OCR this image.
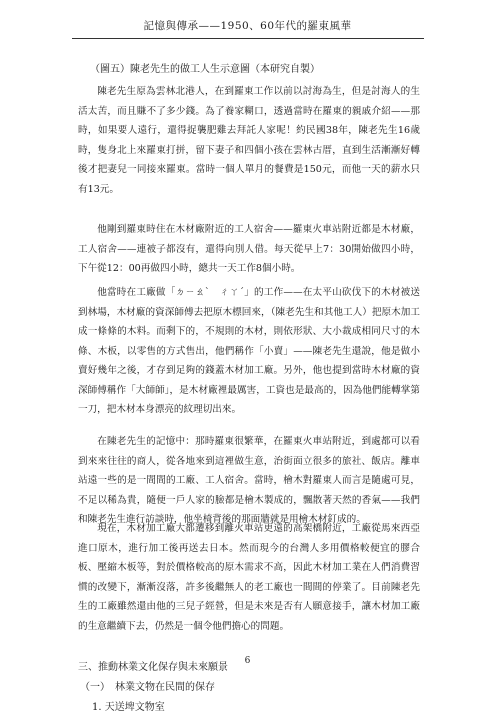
記憶與傳承——1950、60年代的羅東風華
（圖五）陳老先生的做工人生示意圖（本研究自製）

陳老先生原為雲林北港人，在到羅東工作以前以討海為生，但是討海人的生活太苦，而且賺不了多少錢。為了養家糊口，透過當時在羅東的親戚介紹——那時，如果要人遠行，還得捉襲肥雞去拜託人家呢！約民國38年，陳老先生16歲時，隻身北上來羅東打拼，留下妻子和四個小孩在雲林古厝，直到生活漸漸好轉後才把妻兒一同接來羅東。當時一個人單月的餐費是150元，而他一天的薪水只有13元。

他剛到羅東時住在木材廠附近的工人宿舍——羅東火車站附近都是木材廠，工人宿舍——連被子都沒有，還得向別人借。每天從早上7：30開始做四小時，下午從12：00再做四小時，總共一天工作8個小時。

他當時在工廠做「ㄉㄧㄠˋ　ㄔㄚˊ」的工作——在太平山砍伐下的木材被送到林場，木材廠的資深師傅去把原木標回來，（陳老先生和其他工人）把原木加工成一條條的木料。而剩下的，不規則的木材，則依形狀、大小裁成相同尺寸的木條、木板，以零售的方式售出，他們稱作「小賣」——陳老先生還說，他是做小賣好幾年之後，才存到足夠的錢蓋木材加工廠。另外，他也提到當時木材廠的資深師傅稱作「大師師」，是木材廠裡最厲害，工資也是最高的，因為他們能轉掌第一刀，把木材本身漂亮的紋理切出來。

在陳老先生的記憶中：那時羅東很繁華，在羅東火車站附近，到處都可以看到來來往往的商人，從各地來到這裡做生意，治街面立很多的旅社、飯店。離車站遠一些的是一間間的工廠、工人宿舍。當時，檜木對羅東人而言是隨處可見，不足以稀為貴，隨便一戶人家的臉都是檜木製成的，飄散著天然的香氣——我們和陳老先生進行訪談時，他坐椅背後的那面牆就是用檜木材釘成的。

現在，木材加工廠大都遷移到離火車站更遠的高架橋附近，工廠從馬來西亞進口原木，進行加工後再送去日本。然而現今的台灣人多用價格較便宜的膠合板、壓縮木板等，對於價格較高的原木需求不高，因此木材加工業在人們消費習慣的改變下，漸漸沒落，許多後繼無人的老工廠也一間間的停業了。目前陳老先生的工廠雖然還由他的三兒子經營，但是未來是否有人願意接手，讓木材加工廠的生意繼續下去，仍然是一個令他們擔心的問題。

三、推動林業文化保存與未來願景
（一）　林業文物在民間的保存
1. 天送埤文物室
6
